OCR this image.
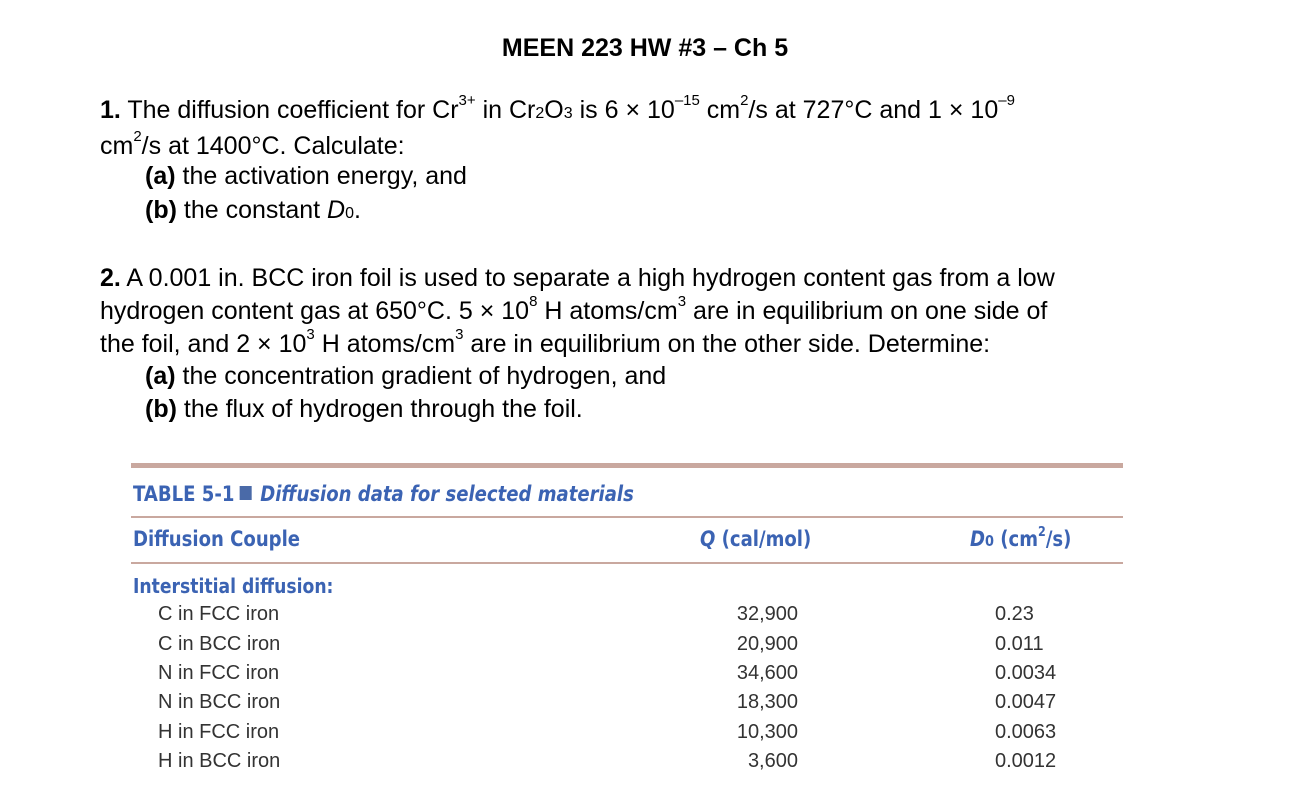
MEEN 223 HW #3 – Ch 5
1. The diffusion coefficient for $Cr^{3+}$ in Cr2O3 is $6 \times 10^{-15}$ $cm^2/s$ at 727°C and $1 \times 10^{-9}$
$cm^2/s$ at 1400°C. Calculate:
(a) the activation energy, and
(b) the constant D0.
2. A 0.001 in. BCC iron foil is used to separate a high hydrogen content gas from a low
hydrogen content gas at 650°C. $5 \times 10^8$ H atoms/$cm^3$ are in equilibrium on one side of
the foil, and $2 \times 10^3$ H atoms/$cm^3$ are in equilibrium on the other side. Determine:
(a) the concentration gradient of hydrogen, and
(b) the flux of hydrogen through the foil.
TABLE 5-1 Diffusion data for selected materials
Diffusion Couple	Q (cal/mol)	D0 $(cm^2/s)$
Interstitial diffusion:
C in FCC iron	32,900	0.23
C in BCC iron	20,900	0.011
N in FCC iron	34,600	0.0034
N in BCC iron	18,300	0.0047
H in FCC iron	10,300	0.0063
H in BCC iron	3,600	0.0012
